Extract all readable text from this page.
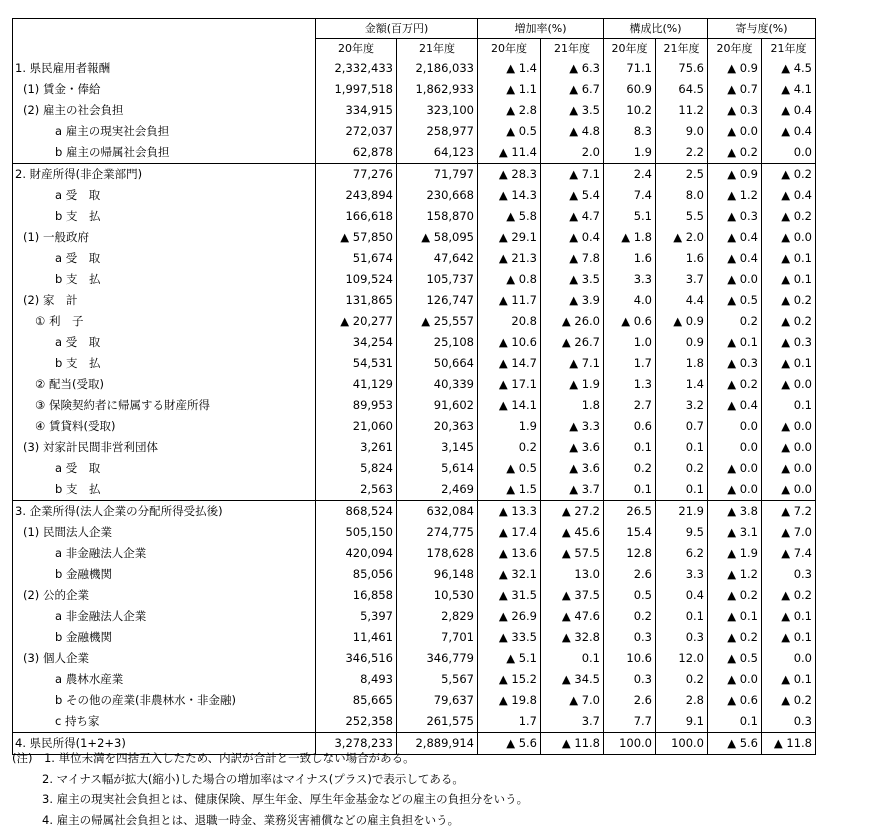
	金額(百万円)		増加率(%)		構成比(%)		寄与度(%)	
	20年度	21年度	20年度	21年度	20年度	21年度	20年度	21年度
1. 県民雇用者報酬	2,332,433	2,186,033	▲ 1.4	▲ 6.3	71.1	75.6	▲ 0.9	▲ 4.5
(1) 賃金・俸給	1,997,518	1,862,933	▲ 1.1	▲ 6.7	60.9	64.5	▲ 0.7	▲ 4.1
(2) 雇主の社会負担	334,915	323,100	▲ 2.8	▲ 3.5	10.2	11.2	▲ 0.3	▲ 0.4
a 雇主の現実社会負担	272,037	258,977	▲ 0.5	▲ 4.8	8.3	9.0	▲ 0.0	▲ 0.4
b 雇主の帰属社会負担	62,878	64,123	▲ 11.4	2.0	1.9	2.2	▲ 0.2	0.0
2. 財産所得(非企業部門)	77,276	71,797	▲ 28.3	▲ 7.1	2.4	2.5	▲ 0.9	▲ 0.2
a 受　取	243,894	230,668	▲ 14.3	▲ 5.4	7.4	8.0	▲ 1.2	▲ 0.4
b 支　払	166,618	158,870	▲ 5.8	▲ 4.7	5.1	5.5	▲ 0.3	▲ 0.2
(1) 一般政府	▲ 57,850	▲ 58,095	▲ 29.1	▲ 0.4	▲ 1.8	▲ 2.0	▲ 0.4	▲ 0.0
a 受　取	51,674	47,642	▲ 21.3	▲ 7.8	1.6	1.6	▲ 0.4	▲ 0.1
b 支　払	109,524	105,737	▲ 0.8	▲ 3.5	3.3	3.7	▲ 0.0	▲ 0.1
(2) 家　計	131,865	126,747	▲ 11.7	▲ 3.9	4.0	4.4	▲ 0.5	▲ 0.2
① 利　子	▲ 20,277	▲ 25,557	20.8	▲ 26.0	▲ 0.6	▲ 0.9	0.2	▲ 0.2
a 受　取	34,254	25,108	▲ 10.6	▲ 26.7	1.0	0.9	▲ 0.1	▲ 0.3
b 支　払	54,531	50,664	▲ 14.7	▲ 7.1	1.7	1.8	▲ 0.3	▲ 0.1
② 配当(受取)	41,129	40,339	▲ 17.1	▲ 1.9	1.3	1.4	▲ 0.2	▲ 0.0
③ 保険契約者に帰属する財産所得	89,953	91,602	▲ 14.1	1.8	2.7	3.2	▲ 0.4	0.1
④ 賃貸料(受取)	21,060	20,363	1.9	▲ 3.3	0.6	0.7	0.0	▲ 0.0
(3) 対家計民間非営利団体	3,261	3,145	0.2	▲ 3.6	0.1	0.1	0.0	▲ 0.0
a 受　取	5,824	5,614	▲ 0.5	▲ 3.6	0.2	0.2	▲ 0.0	▲ 0.0
b 支　払	2,563	2,469	▲ 1.5	▲ 3.7	0.1	0.1	▲ 0.0	▲ 0.0
3. 企業所得(法人企業の分配所得受払後)	868,524	632,084	▲ 13.3	▲ 27.2	26.5	21.9	▲ 3.8	▲ 7.2
(1) 民間法人企業	505,150	274,775	▲ 17.4	▲ 45.6	15.4	9.5	▲ 3.1	▲ 7.0
a 非金融法人企業	420,094	178,628	▲ 13.6	▲ 57.5	12.8	6.2	▲ 1.9	▲ 7.4
b 金融機関	85,056	96,148	▲ 32.1	13.0	2.6	3.3	▲ 1.2	0.3
(2) 公的企業	16,858	10,530	▲ 31.5	▲ 37.5	0.5	0.4	▲ 0.2	▲ 0.2
a 非金融法人企業	5,397	2,829	▲ 26.9	▲ 47.6	0.2	0.1	▲ 0.1	▲ 0.1
b 金融機関	11,461	7,701	▲ 33.5	▲ 32.8	0.3	0.3	▲ 0.2	▲ 0.1
(3) 個人企業	346,516	346,779	▲ 5.1	0.1	10.6	12.0	▲ 0.5	0.0
a 農林水産業	8,493	5,567	▲ 15.2	▲ 34.5	0.3	0.2	▲ 0.0	▲ 0.1
b その他の産業(非農林水・非金融)	85,665	79,637	▲ 19.8	▲ 7.0	2.6	2.8	▲ 0.6	▲ 0.2
c 持ち家	252,358	261,575	1.7	3.7	7.7	9.1	0.1	0.3
4. 県民所得(1+2+3)	3,278,233	2,889,914	▲ 5.6	▲ 11.8	100.0	100.0	▲ 5.6	▲ 11.8
(注)　 1. 単位未満を四捨五入したため、内訳が合計と一致しない場合がある。
2. マイナス幅が拡大(縮小)した場合の増加率はマイナス(プラス)で表示してある。
3. 雇主の現実社会負担とは、健康保険、厚生年金、厚生年金基金などの雇主の負担分をいう。
4. 雇主の帰属社会負担とは、退職一時金、業務災害補償などの雇主負担をいう。
